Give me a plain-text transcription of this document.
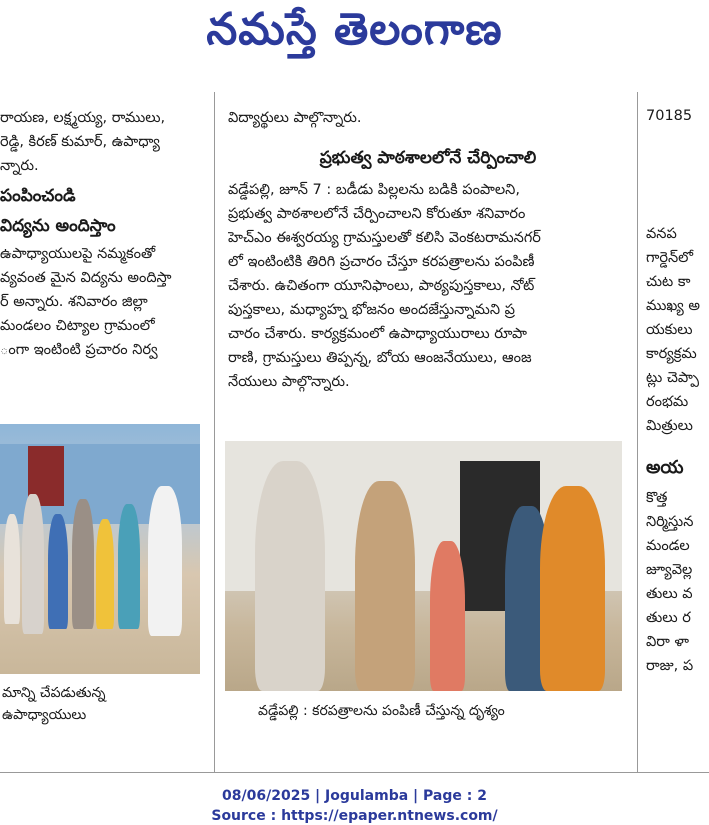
నమస్తే తెలంగాణ

రాయణ, లక్ష్మయ్య, రాములు,

రెడ్డి, కిరణ్ కుమార్, ఉపాధ్యా

న్నారు.

పంపించండి

విద్యను అందిస్తాం

ఉపాధ్యాయులపై నమ్మకంతో

వ్యవంత మైన విద్యను అందిస్తా

ర్ అన్నారు. శనివారం జిల్లా

మండలం చిట్యాల గ్రామంలో

ంగా ఇంటింటి ప్రచారం నిర్వ

మాన్ని చేపడుతున్న
ఉపాధ్యాయులు

విద్యార్థులు పాల్గొన్నారు.

ప్రభుత్వ పాఠశాలలోనే చేర్పించాలి

వడ్డేపల్లి, జూన్ 7 : బడీడు పిల్లలను బడికి పంపాలని,

ప్రభుత్వ పాఠశాలలోనే చేర్పించాలని కోరుతూ శనివారం

హెచ్ఎం ఈశ్వరయ్య గ్రామస్తులతో కలిసి వెంకటరామనగర్

లో ఇంటింటికి తిరిగి ప్రచారం చేస్తూ కరపత్రాలను పంపిణీ

చేశారు. ఉచితంగా యూనిఫాంలు, పాఠ్యపుస్తకాలు, నోట్

పుస్తకాలు, మధ్యాహ్న భోజనం అందజేస్తున్నామని ప్ర

చారం చేశారు. కార్యక్రమంలో ఉపాధ్యాయురాలు రూపా

రాణి, గ్రామస్తులు తిప్పన్న, బోయ ఆంజనేయులు, ఆంజ

నేయులు పాల్గొన్నారు.

వడ్డేపల్లి : కరపత్రాలను పంపిణీ చేస్తున్న దృశ్యం

70185

వనప

గార్డెన్‌లో

చుట కా

ముఖ్య అ

యకులు

కార్యక్రమ

ట్లు చెప్పా

రంభమ

మిత్రులు

అయ

కొత్త

నిర్మిస్తున

మండల

జ్యూవెల్ల

తులు వ

తులు ర

విరా ళా

రాజు, ప

08/06/2025 | Jogulamba | Page : 2
Source : https://epaper.ntnews.com/
